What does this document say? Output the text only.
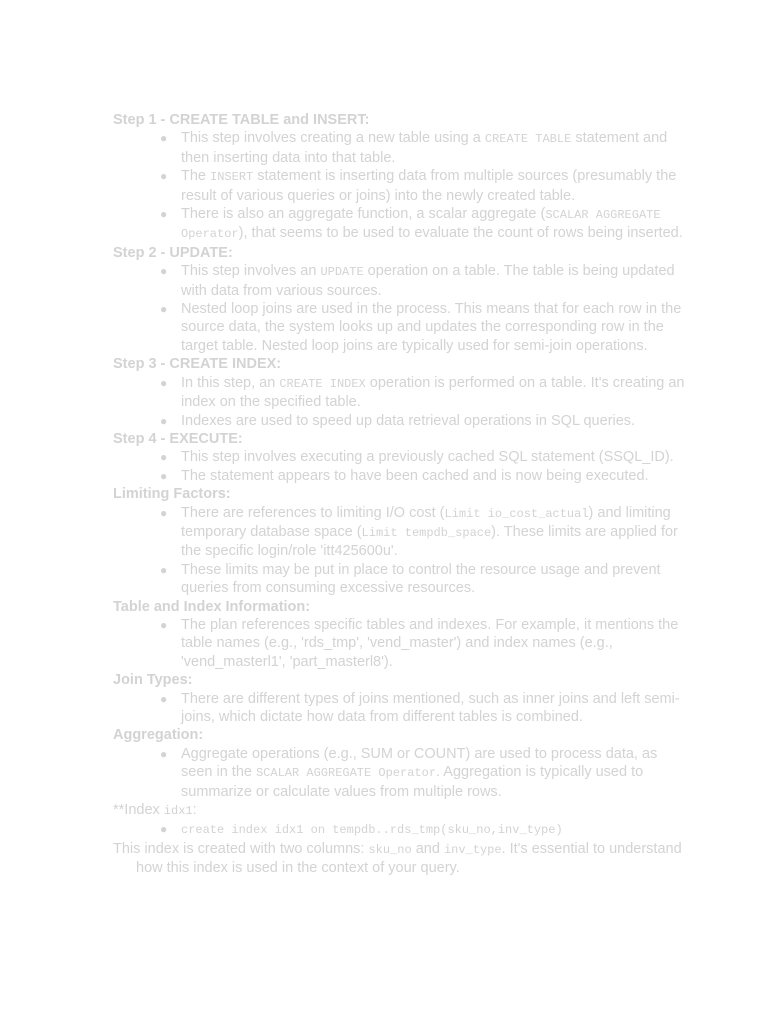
Step 1 - CREATE TABLE and INSERT:

● This step involves creating a new table using a CREATE TABLE statement and then inserting data into that table.
● The INSERT statement is inserting data from multiple sources (presumably the result of various queries or joins) into the newly created table.
● There is also an aggregate function, a scalar aggregate (SCALAR AGGREGATE Operator), that seems to be used to evaluate the count of rows being inserted.

Step 2 - UPDATE:

● This step involves an UPDATE operation on a table. The table is being updated with data from various sources.
● Nested loop joins are used in the process. This means that for each row in the source data, the system looks up and updates the corresponding row in the target table. Nested loop joins are typically used for semi-join operations.

Step 3 - CREATE INDEX:

● In this step, an CREATE INDEX operation is performed on a table. It's creating an index on the specified table.
● Indexes are used to speed up data retrieval operations in SQL queries.

Step 4 - EXECUTE:

● This step involves executing a previously cached SQL statement (SSQL_ID).
● The statement appears to have been cached and is now being executed.

Limiting Factors:

● There are references to limiting I/O cost (Limit io_cost_actual) and limiting temporary database space (Limit tempdb_space). These limits are applied for the specific login/role 'itt425600u'.
● These limits may be put in place to control the resource usage and prevent queries from consuming excessive resources.

Table and Index Information:

● The plan references specific tables and indexes. For example, it mentions the table names (e.g., 'rds_tmp', 'vend_master') and index names (e.g., 'vend_masterl1', 'part_masterl8').

Join Types:

● There are different types of joins mentioned, such as inner joins and left semi-joins, which dictate how data from different tables is combined.

Aggregation:

● Aggregate operations (e.g., SUM or COUNT) are used to process data, as seen in the SCALAR AGGREGATE Operator. Aggregation is typically used to summarize or calculate values from multiple rows.

**Index idx1:

● create index idx1 on tempdb..rds_tmp(sku_no,inv_type)

This index is created with two columns: sku_no and inv_type. It's essential to understand how this index is used in the context of your query.
